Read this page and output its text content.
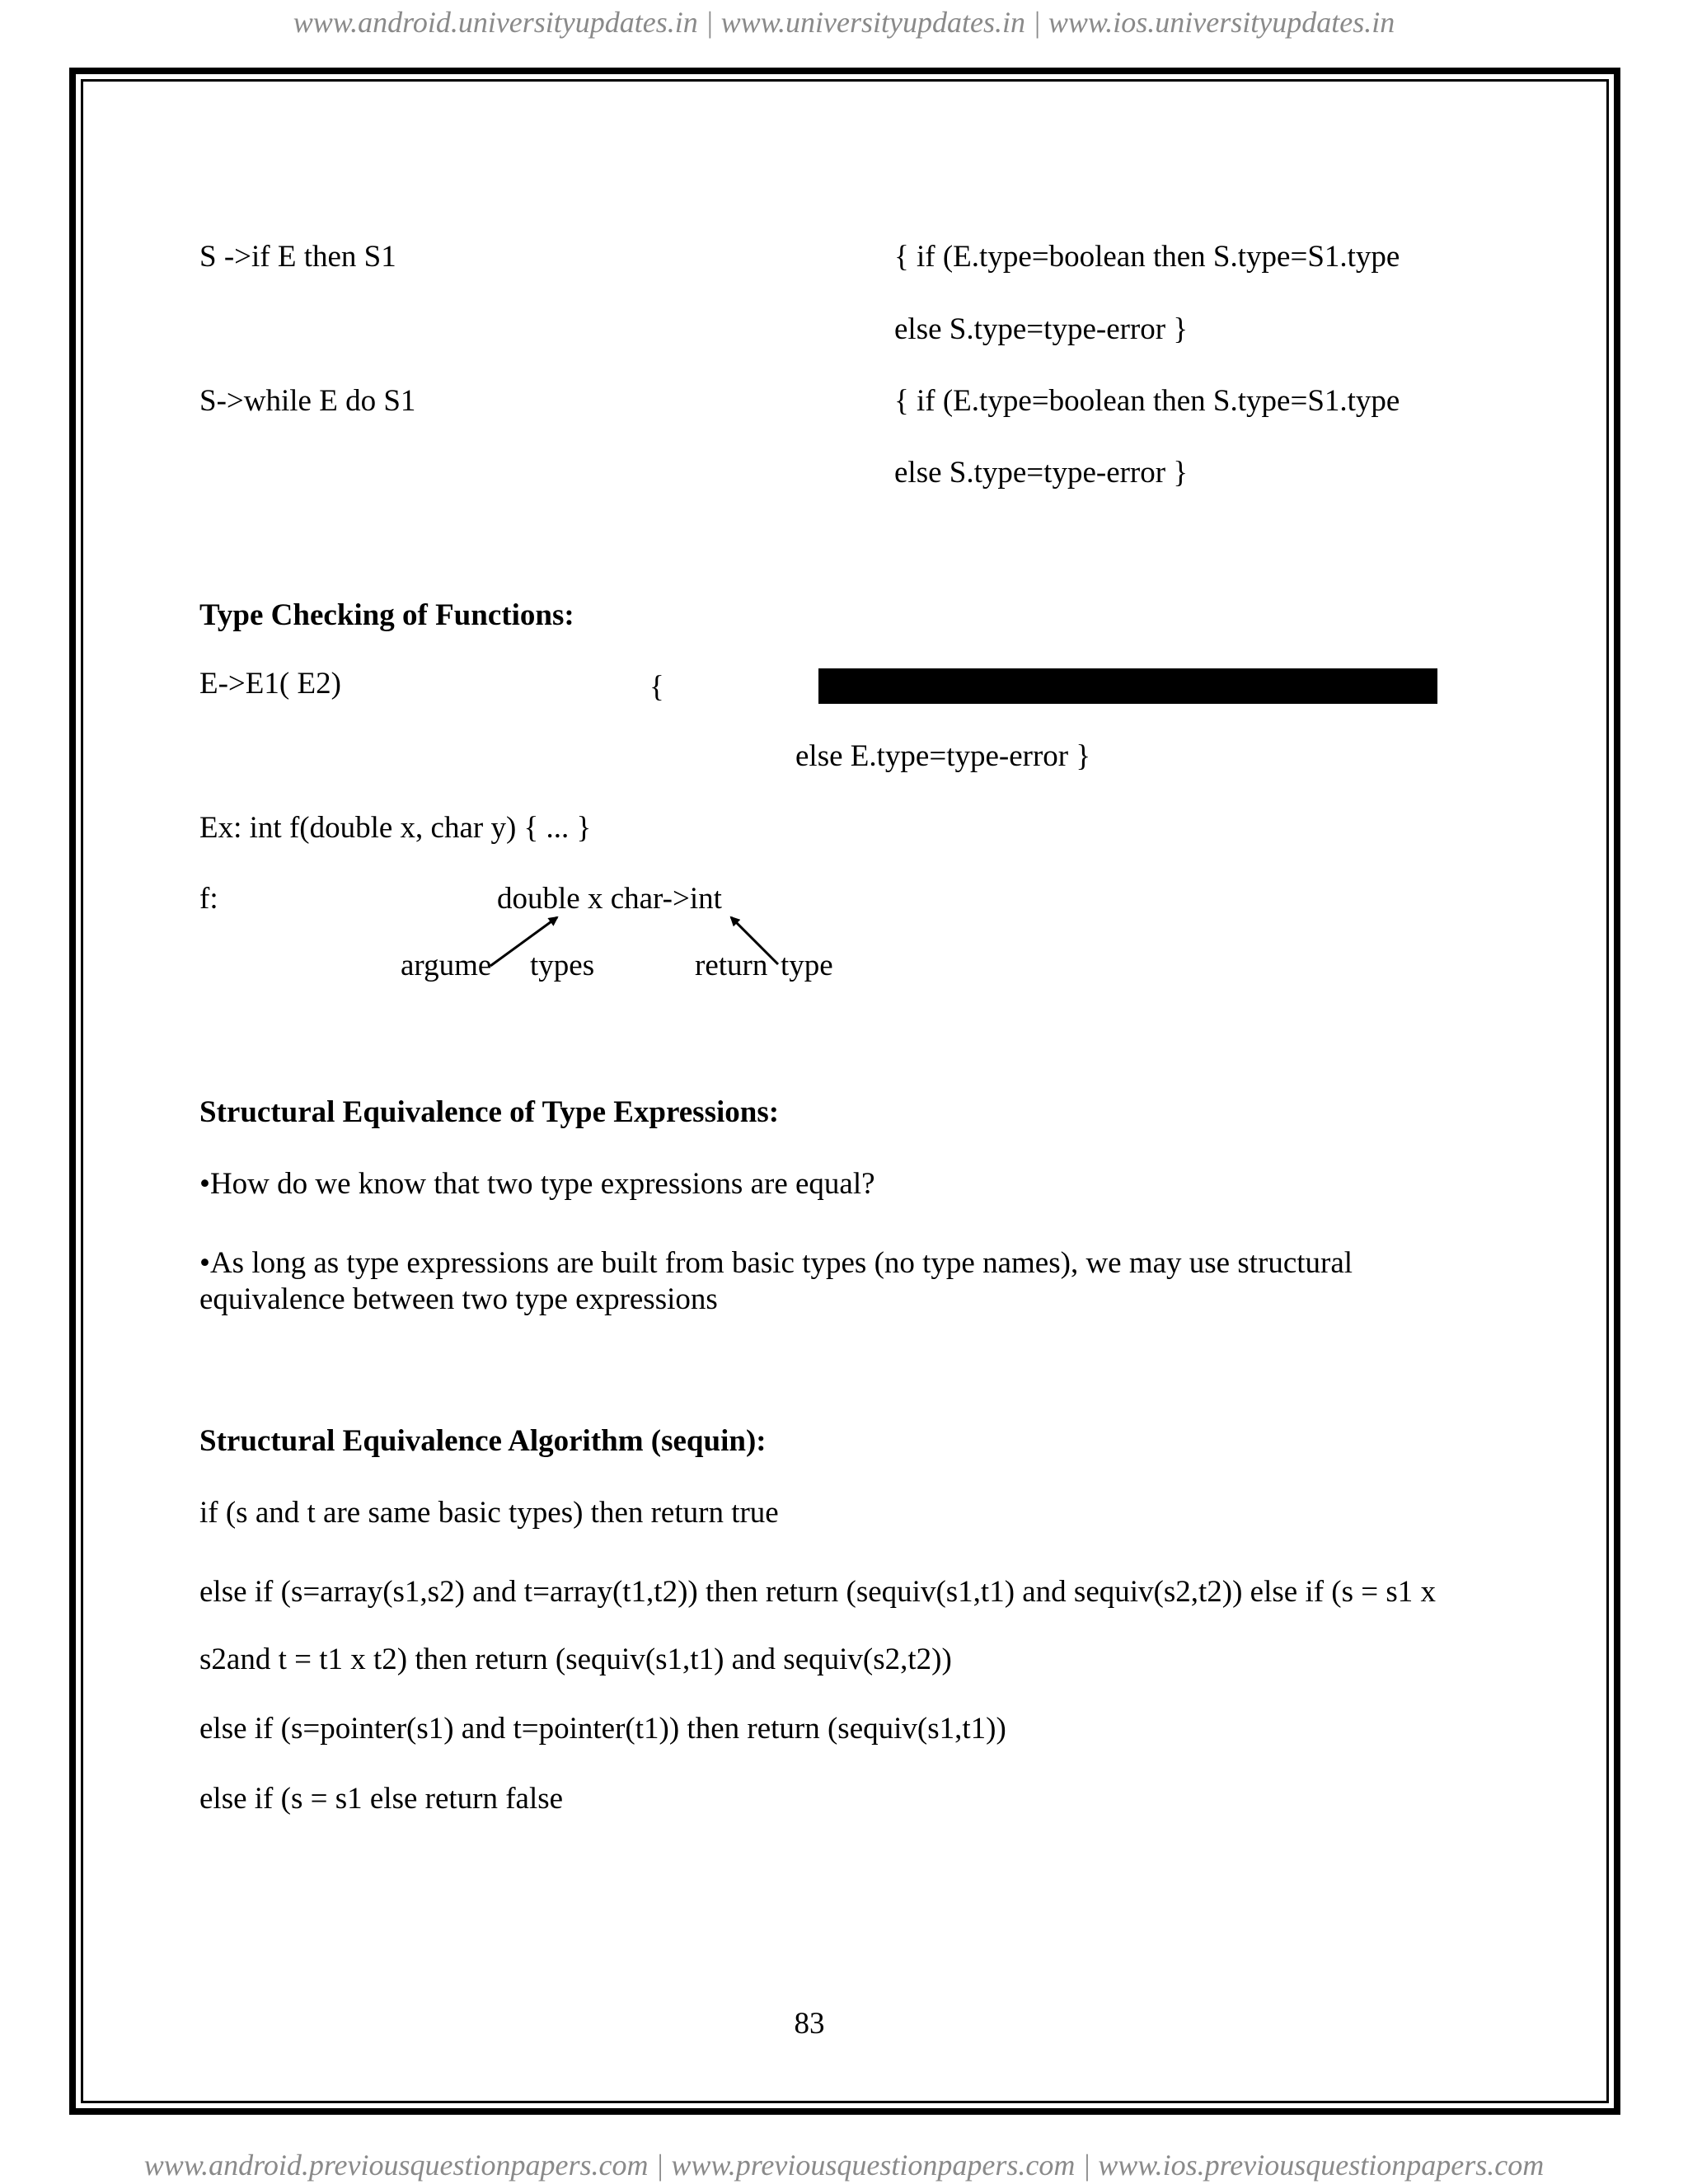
www.android.universityupdates.in | www.universityupdates.in | www.ios.universityupdates.in
www.android.previousquestionpapers.com | www.previousquestionpapers.com | www.ios.previousquestionpapers.com
S ->if E then S1	{ if (E.type=boolean then S.type=S1.type
else S.type=type-error }
S->while E do S1	{ if (E.type=boolean then S.type=S1.type
else S.type=type-error }
Type Checking of Functions:
E->E1( E2)	{
else E.type=type-error }
Ex: int f(double x, char y) { ... }
f:	double x char->int
argume types	return type
Structural Equivalence of Type Expressions:
•How do we know that two type expressions are equal?
•As long as type expressions are built from basic types (no type names), we may use structural equivalence between two type expressions
Structural Equivalence Algorithm (sequin):
if (s and t are same basic types) then return true
else if (s=array(s1,s2) and t=array(t1,t2)) then return (sequiv(s1,t1) and sequiv(s2,t2)) else if (s = s1 x
s2and t = t1 x t2) then return (sequiv(s1,t1) and sequiv(s2,t2))
else if (s=pointer(s1) and t=pointer(t1)) then return (sequiv(s1,t1))
else if (s = s1 else return false
83
